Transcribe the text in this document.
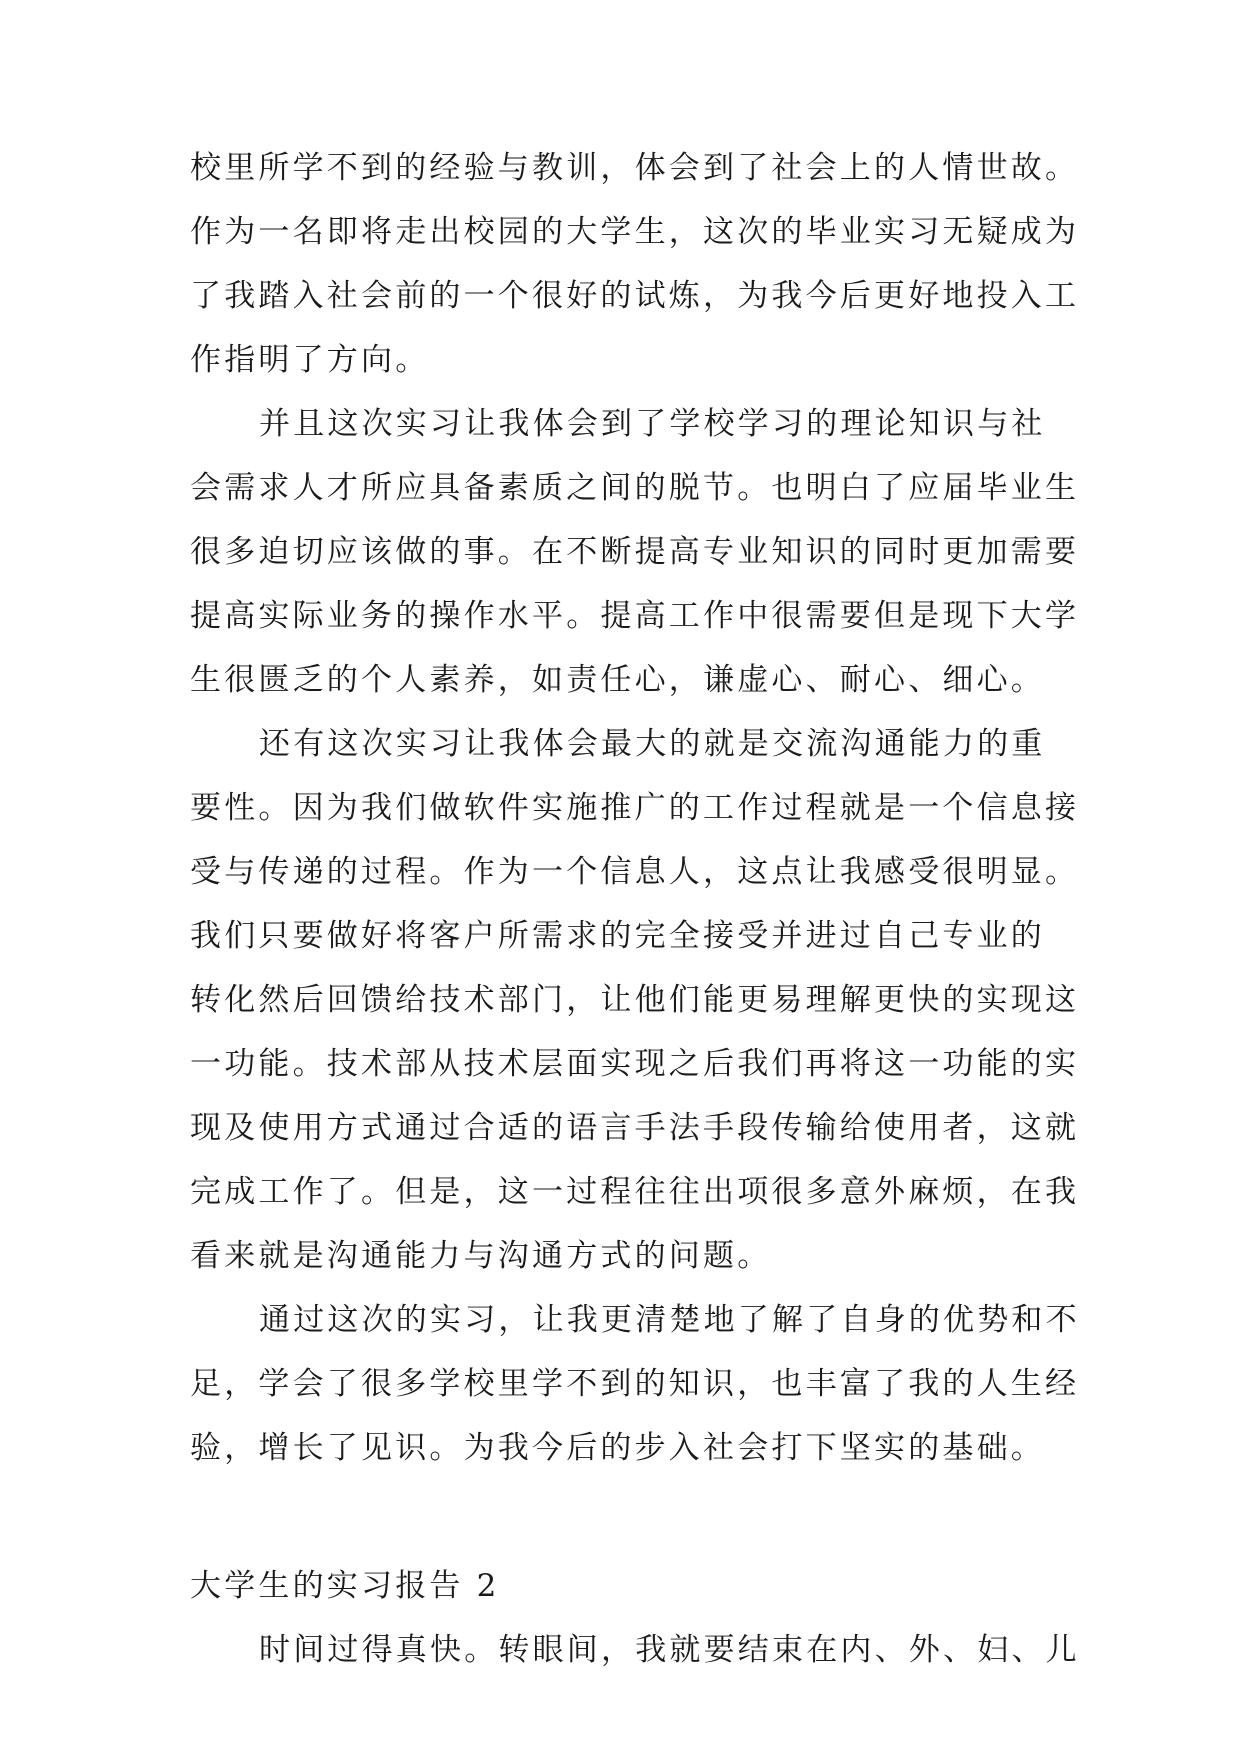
校里所学不到的经验与教训，体会到了社会上的人情世故。
作为一名即将走出校园的大学生，这次的毕业实习无疑成为
了我踏入社会前的一个很好的试炼，为我今后更好地投入工
作指明了方向。
并且这次实习让我体会到了学校学习的理论知识与社
会需求人才所应具备素质之间的脱节。也明白了应届毕业生
很多迫切应该做的事。在不断提高专业知识的同时更加需要
提高实际业务的操作水平。提高工作中很需要但是现下大学
生很匮乏的个人素养，如责任心，谦虚心、耐心、细心。
还有这次实习让我体会最大的就是交流沟通能力的重
要性。因为我们做软件实施推广的工作过程就是一个信息接
受与传递的过程。作为一个信息人，这点让我感受很明显。
我们只要做好将客户所需求的完全接受并进过自己专业的
转化然后回馈给技术部门，让他们能更易理解更快的实现这
一功能。技术部从技术层面实现之后我们再将这一功能的实
现及使用方式通过合适的语言手法手段传输给使用者，这就
完成工作了。但是，这一过程往往出项很多意外麻烦，在我
看来就是沟通能力与沟通方式的问题。
通过这次的实习，让我更清楚地了解了自身的优势和不
足，学会了很多学校里学不到的知识，也丰富了我的人生经
验，增长了见识。为我今后的步入社会打下坚实的基础。
大学生的实习报告 2
时间过得真快。转眼间，我就要结束在内、外、妇、儿
